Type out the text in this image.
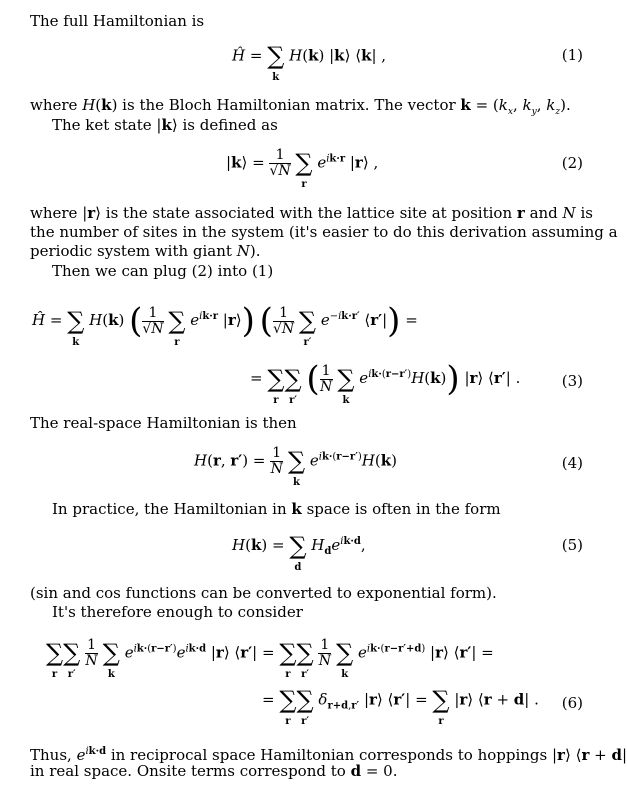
The full Hamiltonian is
Ĥ = ∑
k
H(k) |k⟩ ⟨k| ,	(1)
where H(k) is the Bloch Hamiltonian matrix. The vector $k = (k_x$, $k_y$, $k_z$).
The ket state |k⟩ is defined as
|k⟩ = $\frac{1}{√N}$ ∑
r
$e^{ik\cdot r}$ |r⟩ ,	(2)
where |r⟩ is the state associated with the lattice site at position r and N is
the number of sites in the system (it's easier to do this derivation assuming a
periodic system with giant N).
Then we can plug (2) into (1)
Ĥ = ∑
k
H(k) ( $\frac{1}{√N}$ ∑
r
$e^{ik\cdot r}$ |r⟩) ( $\frac{1}{√N}$ ∑
r′
$e^{-ik\cdot r'}$ ⟨r′|) =
= ∑
r
∑
r′
( $\frac{1}{N}$ ∑
k
$e^{ik\cdot(r-r')}H(k)$) |r⟩ ⟨r′| .	(3)
The real-space Hamiltonian is then
H(r, $r') = \frac{1}{N}$ ∑
k
$e^{ik\cdot(r-r')}H(k)$	(4)
In practice, the Hamiltonian in k space is often in the form
H(k) = ∑
d
$H_de^{ik\cdot d}$,	(5)
(sin and cos functions can be converted to exponential form).
It's therefore enough to consider
∑
r
∑
r′

$\frac{1}{N}$ ∑
k
$e^{ik\cdot(r-r')}e^{ik\cdot d}$ |r⟩ ⟨r′| = ∑
r
∑
r′

$\frac{1}{N}$ ∑
k
$e^{ik\cdot(r-r'+d)}$ |r⟩ ⟨r′| =
= ∑
r
∑
r′
$\delta_{r+d,r'}$ |r⟩ ⟨r′| = ∑
r
|r⟩ ⟨r + d| . (6)
Thus, $e^{ik\cdot d}$ in reciprocal space Hamiltonian corresponds to hoppings |r⟩ ⟨r + d|
in real space. Onsite terms correspond to d = 0.
